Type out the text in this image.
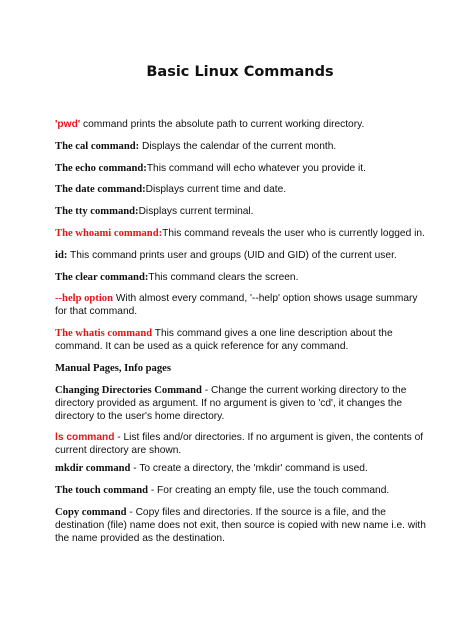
Basic Linux Commands
'pwd' command prints the absolute path to current working directory.
The cal command: Displays the calendar of the current month.
The echo command:This command will echo whatever you provide it.
The date command:Displays current time and date.
The tty command:Displays current terminal.
The whoami command:This command reveals the user who is currently logged in.
id: This command prints user and groups (UID and GID) of the current user.
The clear command:This command clears the screen.
--help option With almost every command, '--help' option shows usage summary for that command.
The whatis command This command gives a one line description about the command. It can be used as a quick reference for any command.
Manual Pages, Info pages
Changing Directories Command - Change the current working directory to the directory provided as argument. If no argument is given to 'cd', it changes the directory to the user's home directory.
ls command - List files and/or directories. If no argument is given, the contents of current directory are shown.
mkdir command - To create a directory, the 'mkdir' command is used.
The touch command - For creating an empty file, use the touch command.
Copy command - Copy files and directories. If the source is a file, and the destination (file) name does not exit, then source is copied with new name i.e. with the name provided as the destination.
